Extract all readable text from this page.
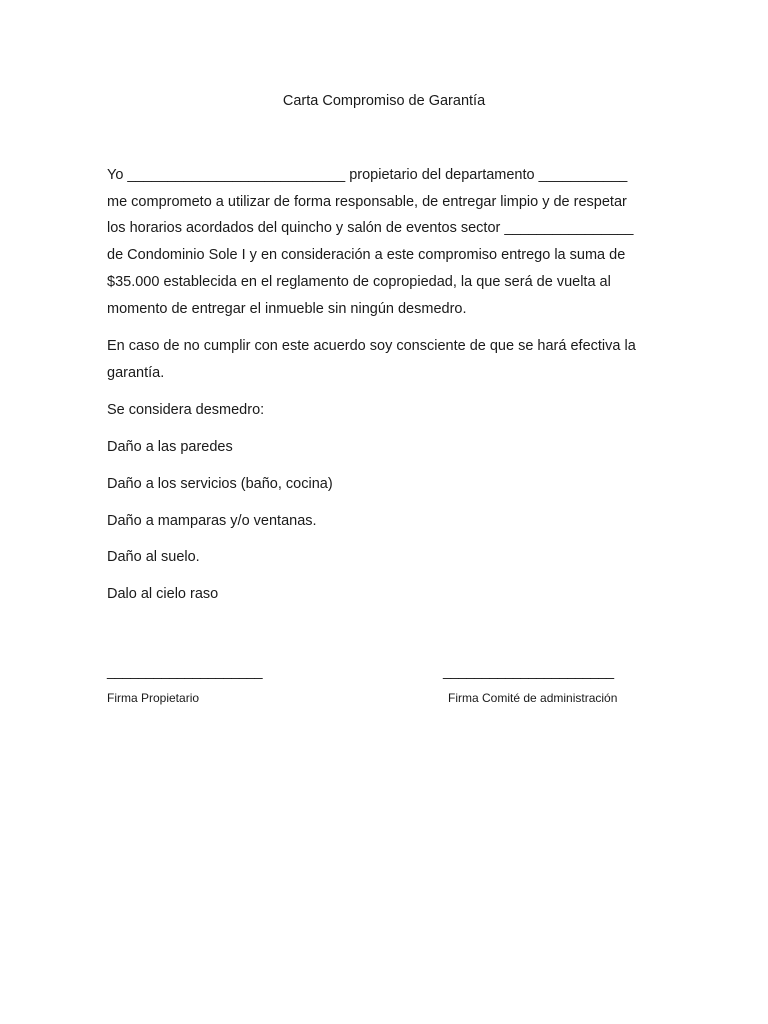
Carta Compromiso de Garantía

Yo ___________________________ propietario del departamento ___________
me comprometo a utilizar de forma responsable, de entregar limpio y de respetar
los horarios acordados del quincho y salón de eventos sector ________________
de Condominio Sole I y en consideración a este compromiso entrego la suma de
$35.000 establecida en el reglamento de copropiedad, la que será de vuelta al
momento de entregar el inmueble sin ningún desmedro.

En caso de no cumplir con este acuerdo soy consciente de que se hará efectiva la
garantía.

Se considera desmedro:
Daño a las paredes
Daño a los servicios (baño, cocina)
Daño a mamparas y/o ventanas.
Daño al suelo.
Dalo al cielo raso
____________________
Firma Propietario
______________________
Firma Comité de administración
